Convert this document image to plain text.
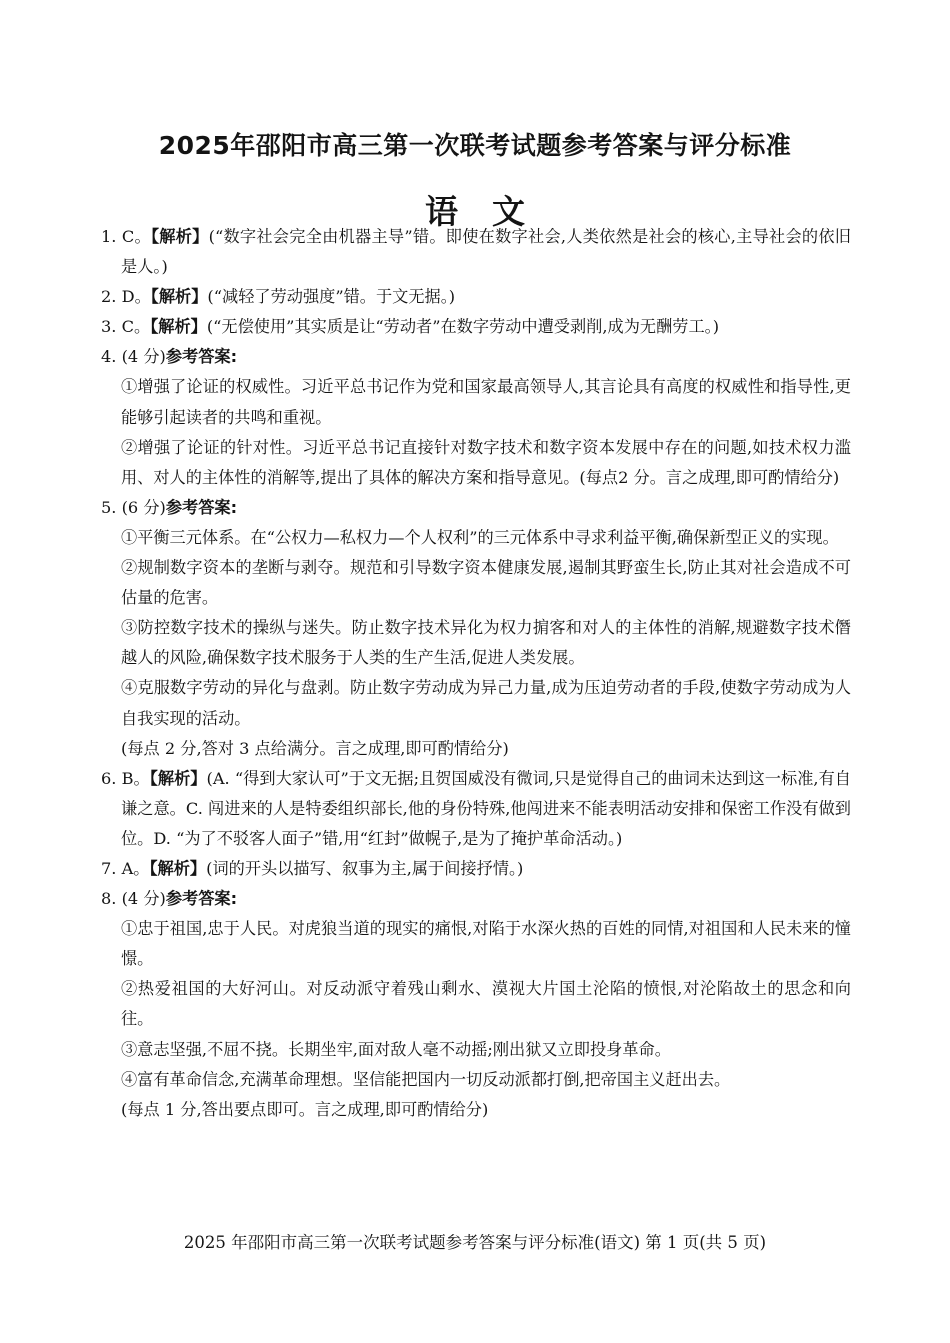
2025年邵阳市高三第一次联考试题参考答案与评分标准
语文

1. C。【解析】(“数字社会完全由机器主导”错。即使在数字社会,人类依然是社会的核心,主导社会的依旧是人。)

2. D。【解析】(“减轻了劳动强度”错。于文无据。)

3. C。【解析】(“无偿使用”其实质是让“劳动者”在数字劳动中遭受剥削,成为无酬劳工。)

4. (4 分)参考答案:

①增强了论证的权威性。习近平总书记作为党和国家最高领导人,其言论具有高度的权威性和指导性,更能够引起读者的共鸣和重视。

②增强了论证的针对性。习近平总书记直接针对数字技术和数字资本发展中存在的问题,如技术权力滥用、对人的主体性的消解等,提出了具体的解决方案和指导意见。(每点2 分。言之成理,即可酌情给分)

5. (6 分)参考答案:

①平衡三元体系。在“公权力—私权力—个人权利”的三元体系中寻求利益平衡,确保新型正义的实现。

②规制数字资本的垄断与剥夺。规范和引导数字资本健康发展,遏制其野蛮生长,防止其对社会造成不可估量的危害。

③防控数字技术的操纵与迷失。防止数字技术异化为权力掮客和对人的主体性的消解,规避数字技术僭越人的风险,确保数字技术服务于人类的生产生活,促进人类发展。

④克服数字劳动的异化与盘剥。防止数字劳动成为异己力量,成为压迫劳动者的手段,使数字劳动成为人自我实现的活动。

(每点 2 分,答对 3 点给满分。言之成理,即可酌情给分)

6. B。【解析】(A. “得到大家认可”于文无据;且贺国威没有微词,只是觉得自己的曲词未达到这一标准,有自谦之意。C. 闯进来的人是特委组织部长,他的身份特殊,他闯进来不能表明活动安排和保密工作没有做到位。D. “为了不驳客人面子”错,用“红封”做幌子,是为了掩护革命活动。)

7. A。【解析】(词的开头以描写、叙事为主,属于间接抒情。)

8. (4 分)参考答案:

①忠于祖国,忠于人民。对虎狼当道的现实的痛恨,对陷于水深火热的百姓的同情,对祖国和人民未来的憧憬。

②热爱祖国的大好河山。对反动派守着残山剩水、漠视大片国土沦陷的愤恨,对沦陷故土的思念和向往。

③意志坚强,不屈不挠。长期坐牢,面对敌人毫不动摇;刚出狱又立即投身革命。

④富有革命信念,充满革命理想。坚信能把国内一切反动派都打倒,把帝国主义赶出去。

(每点 1 分,答出要点即可。言之成理,即可酌情给分)

2025 年邵阳市高三第一次联考试题参考答案与评分标准(语文) 第 1 页(共 5 页)
